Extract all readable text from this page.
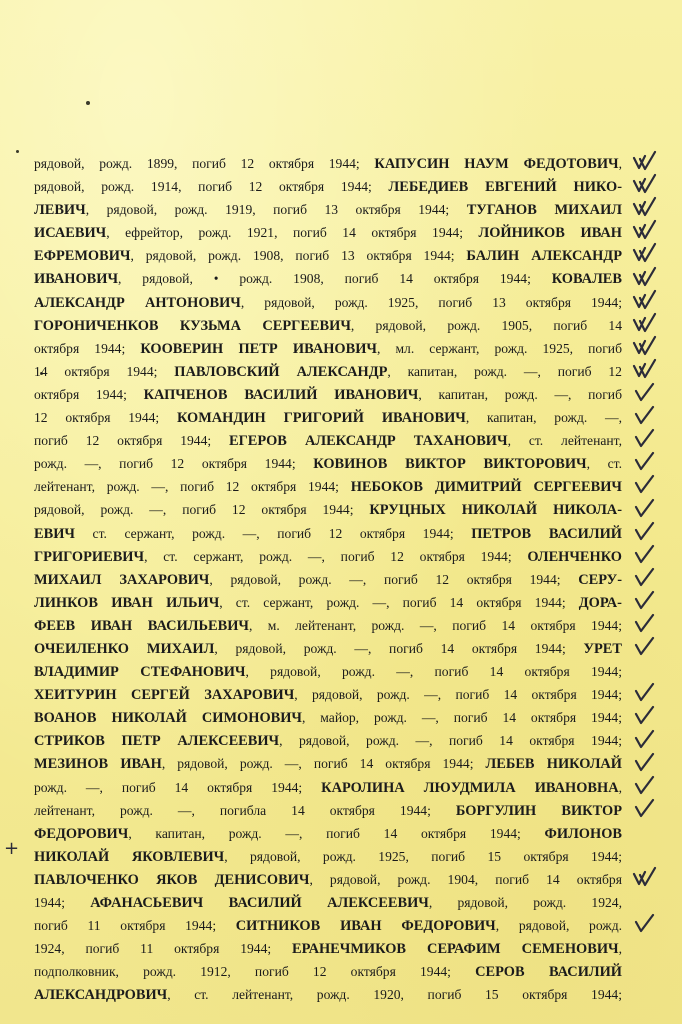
рядовой, рожд. 1899, погиб 12 октября 1944; КАПУСИН НАУМ ФЕДОТОВИЧ,
рядовой, рожд. 1914, погиб 12 октября 1944; ЛЕБЕДИЕВ ЕВГЕНИЙ НИКО-
ЛЕВИЧ, рядовой, рожд. 1919, погиб 13 октября 1944; ТУГАНОВ МИХАИЛ
ИСАЕВИЧ, ефрейтор, рожд. 1921, погиб 14 октября 1944; ЛОЙНИКОВ ИВАН
ЕФРЕМОВИЧ, рядовой, рожд. 1908, погиб 13 октября 1944; БАЛИН АЛЕКСАНДР
ИВАНОВИЧ, рядовой, • рожд. 1908, погиб 14 октября 1944; КОВАЛЕВ
АЛЕКСАНДР АНТОНОВИЧ, рядовой, рожд. 1925, погиб 13 октября 1944;
ГОРОНИЧЕНКОВ КУЗЬМА СЕРГЕЕВИЧ, рядовой, рожд. 1905, погиб 14
октября 1944; КООВЕРИН ПЕТР ИВАНОВИЧ, мл. сержант, рожд. 1925, погиб
14 октября 1944; ПАВЛОВСКИЙ АЛЕКСАНДР, капитан, рожд. —, погиб 12
октября 1944; КАПЧЕНОВ ВАСИЛИЙ ИВАНОВИЧ, капитан, рожд. —, погиб
12 октября 1944; КОМАНДИН ГРИГОРИЙ ИВАНОВИЧ, капитан, рожд. —,
погиб 12 октября 1944; ЕГЕРОВ АЛЕКСАНДР ТАХАНОВИЧ, ст. лейтенант,
рожд. —, погиб 12 октября 1944; КОВИНОВ ВИКТОР ВИКТОРОВИЧ, ст.
лейтенант, рожд. —, погиб 12 октября 1944; НЕБОКОВ ДИМИТРИЙ СЕРГЕЕВИЧ
рядовой, рожд. —, погиб 12 октября 1944; КРУЦНЫХ НИКОЛАЙ НИКОЛА-
ЕВИЧ ст. сержант, рожд. —, погиб 12 октября 1944; ПЕТРОВ ВАСИЛИЙ
ГРИГОРИЕВИЧ, ст. сержант, рожд. —, погиб 12 октября 1944; ОЛЕНЧЕНКО
МИХАИЛ ЗАХАРОВИЧ, рядовой, рожд. —, погиб 12 октября 1944; СЕРУ-
ЛИНКОВ ИВАН ИЛЬИЧ, ст. сержант, рожд. —, погиб 14 октября 1944; ДОРА-
ФЕЕВ ИВАН ВАСИЛЬЕВИЧ, м. лейтенант, рожд. —, погиб 14 октября 1944;
ОЧЕИЛЕНКО МИХАИЛ, рядовой, рожд. —, погиб 14 октября 1944; УРЕТ
ВЛАДИМИР СТЕФАНОВИЧ, рядовой, рожд. —, погиб 14 октября 1944;
ХЕИТУРИН СЕРГЕЙ ЗАХАРОВИЧ, рядовой, рожд. —, погиб 14 октября 1944;
ВОАНОВ НИКОЛАЙ СИМОНОВИЧ, майор, рожд. —, погиб 14 октября 1944;
СТРИКОВ ПЕТР АЛЕКСЕЕВИЧ, рядовой, рожд. —, погиб 14 октября 1944;
МЕЗИНОВ ИВАН, рядовой, рожд. —, погиб 14 октября 1944; ЛЕБЕВ НИКОЛАЙ
рожд. —, погиб 14 октября 1944; КАРОЛИНА ЛЮУДМИЛА ИВАНОВНА,
лейтенант, рожд. —, погибла 14 октября 1944; БОРГУЛИН ВИКТОР
ФЕДОРОВИЧ, капитан, рожд. —, погиб 14 октября 1944; ФИЛОНОВ
НИКОЛАЙ ЯКОВЛЕВИЧ, рядовой, рожд. 1925, погиб 15 октября 1944;
ПАВЛОЧЕНКО ЯКОВ ДЕНИСОВИЧ, рядовой, рожд. 1904, погиб 14 октября
1944; АФАНАСЬЕВИЧ ВАСИЛИЙ АЛЕКСЕЕВИЧ, рядовой, рожд. 1924,
погиб 11 октября 1944; СИТНИКОВ ИВАН ФЕДОРОВИЧ, рядовой, рожд.
1924, погиб 11 октября 1944; ЕРАНЕЧМИКОВ СЕРАФИМ СЕМЕНОВИЧ,
подполковник, рожд. 1912, погиб 12 октября 1944; СЕРОВ ВАСИЛИЙ
АЛЕКСАНДРОВИЧ, ст. лейтенант, рожд. 1920, погиб 15 октября 1944;
+
